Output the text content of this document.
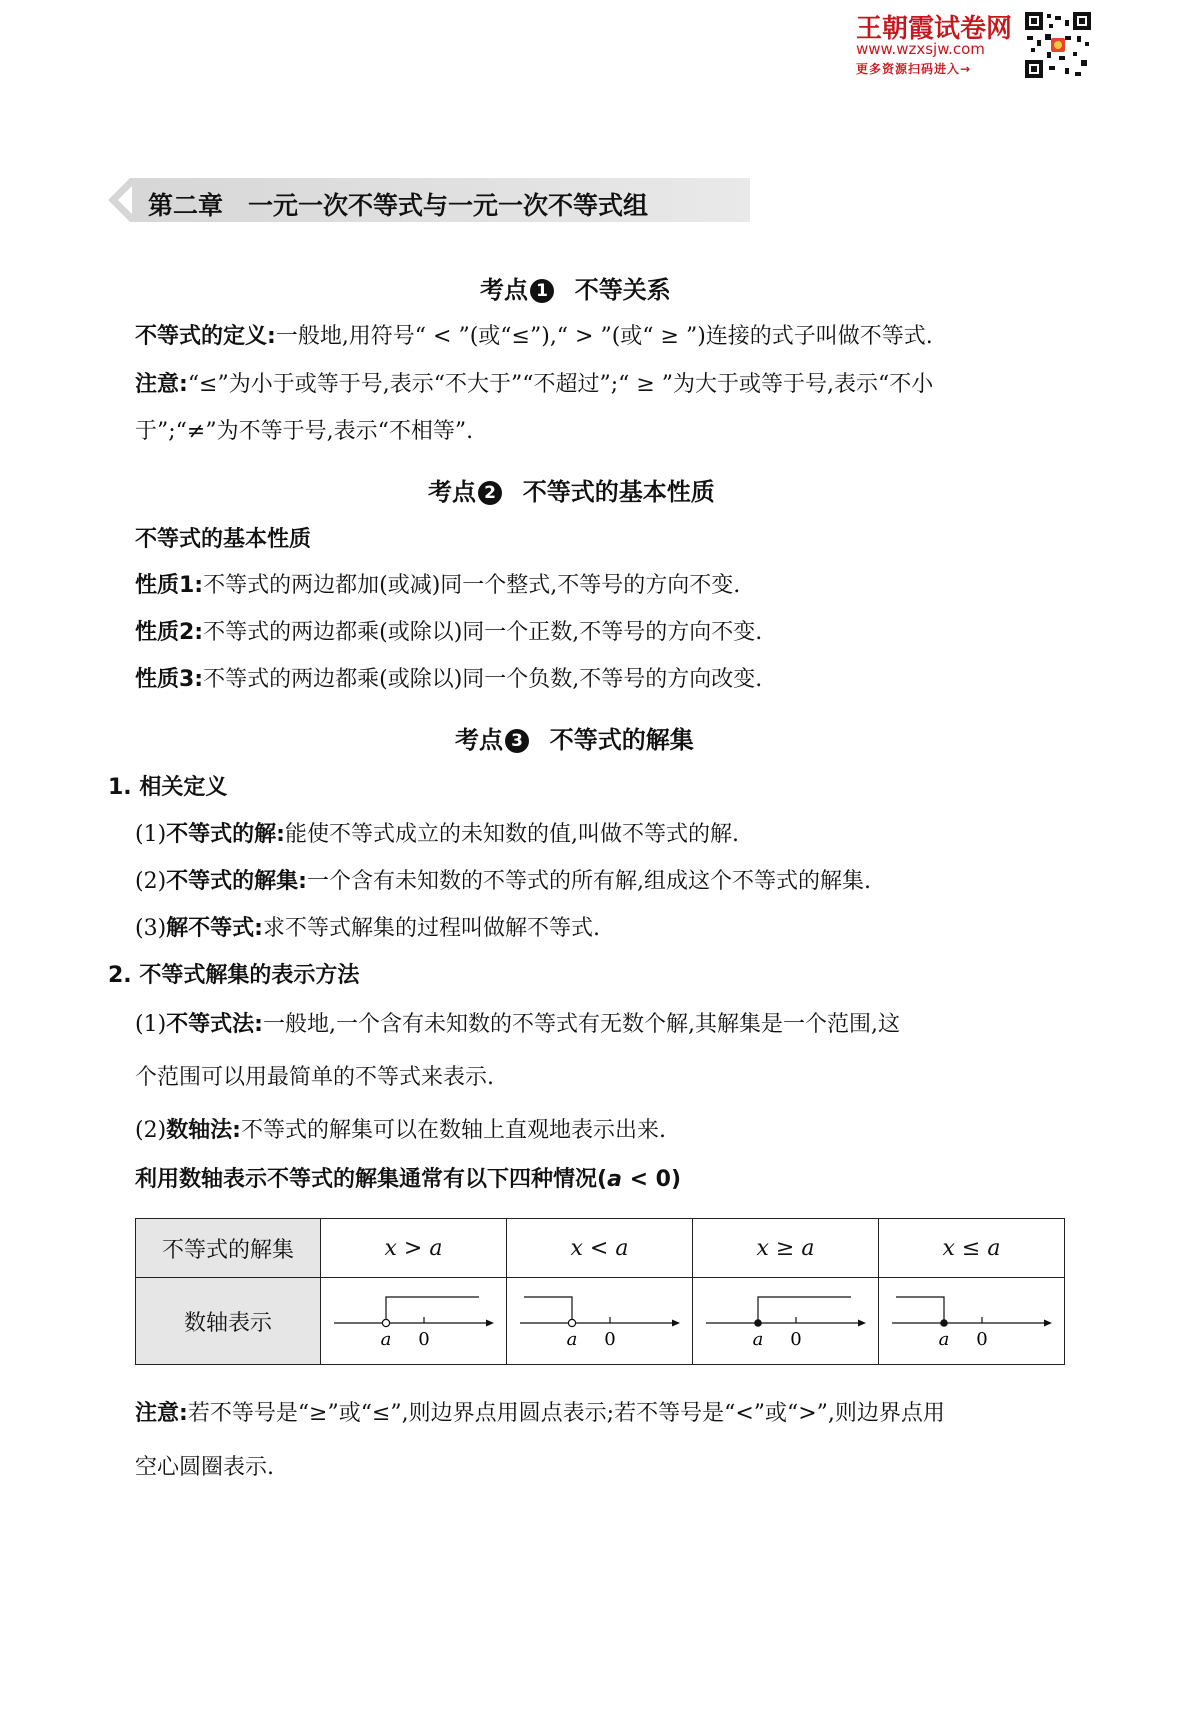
王朝霞试卷网
www.wzxsjw.com
更多资源扫码进入→
第二章　一元一次不等式与一元一次不等式组
考点 1 不等关系
不等式的定义:一般地,用符号“ < ”(或“≤”),“ > ”(或“ ≥ ”)连接的式子叫做不等式.
注意:“≤”为小于或等于号,表示“不大于”“不超过”;“ ≥ ”为大于或等于号,表示“不小
于”;“≠”为不等于号,表示“不相等”.
考点 2 不等式的基本性质
不等式的基本性质
性质1:不等式的两边都加(或减)同一个整式,不等号的方向不变.
性质2:不等式的两边都乘(或除以)同一个正数,不等号的方向不变.
性质3:不等式的两边都乘(或除以)同一个负数,不等号的方向改变.
考点 3 不等式的解集
1. 相关定义
(1)不等式的解:能使不等式成立的未知数的值,叫做不等式的解.
(2)不等式的解集:一个含有未知数的不等式的所有解,组成这个不等式的解集.
(3)解不等式:求不等式解集的过程叫做解不等式.
2. 不等式解集的表示方法
(1)不等式法:一般地,一个含有未知数的不等式有无数个解,其解集是一个范围,这
个范围可以用最简单的不等式来表示.
(2)数轴法:不等式的解集可以在数轴上直观地表示出来.
利用数轴表示不等式的解集通常有以下四种情况(a < 0)
不等式的解集	x > a	x < a	x ≥ a	x ≤ a
数轴表示	a 0	a 0	a 0	a 0
注意:若不等号是“≥”或“≤”,则边界点用圆点表示;若不等号是“<”或“>”,则边界点用
空心圆圈表示.
